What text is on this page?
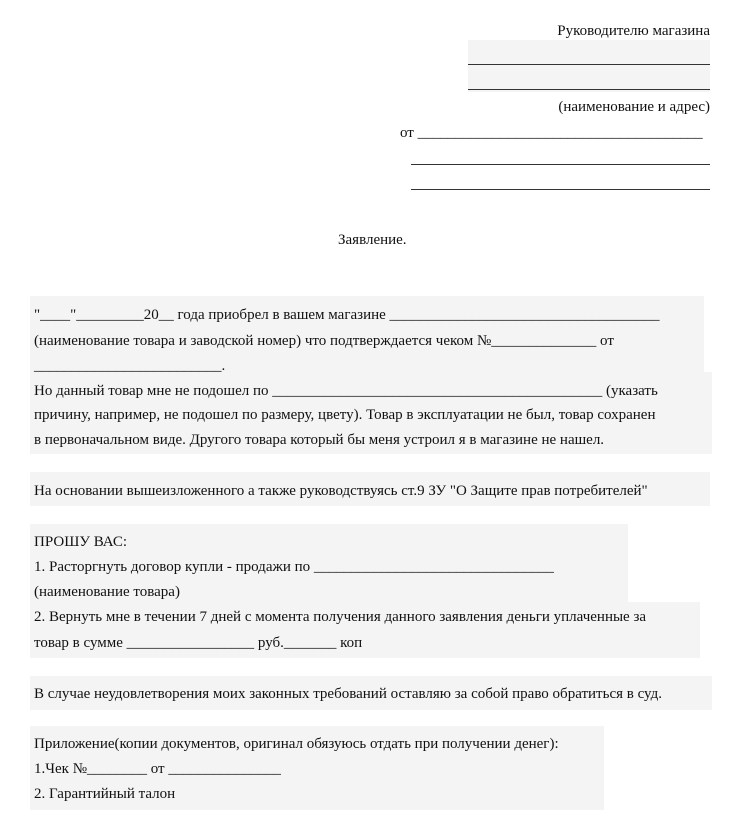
Руководителю магазина
(наименование и адрес)
от ______________________________________
Заявление.
"____"_________20__ года приобрел в вашем магазине ____________________________________
(наименование товара и заводской номер) что подтверждается чеком №______________ от
_________________________.
Но данный товар мне не подошел по ____________________________________________ (указать
причину, например, не подошел по размеру, цвету). Товар в эксплуатации не был, товар сохранен
в первоначальном виде. Другого товара который бы меня устроил я в магазине не нашел.
На основании вышеизложенного а также руководствуясь ст.9 ЗУ "О Защите прав потребителей"
ПРОШУ ВАС:
1. Расторгнуть договор купли - продажи по ________________________________
(наименование товара)
2. Вернуть мне в течении 7 дней с момента получения данного заявления деньги уплаченные за
товар в сумме _________________ руб._______ коп
В случае неудовлетворения моих законных требований оставляю за собой право обратиться в суд.
Приложение(копии документов, оригинал обязуюсь отдать при получении денег):
1.Чек №________ от _______________
2. Гарантийный талон
